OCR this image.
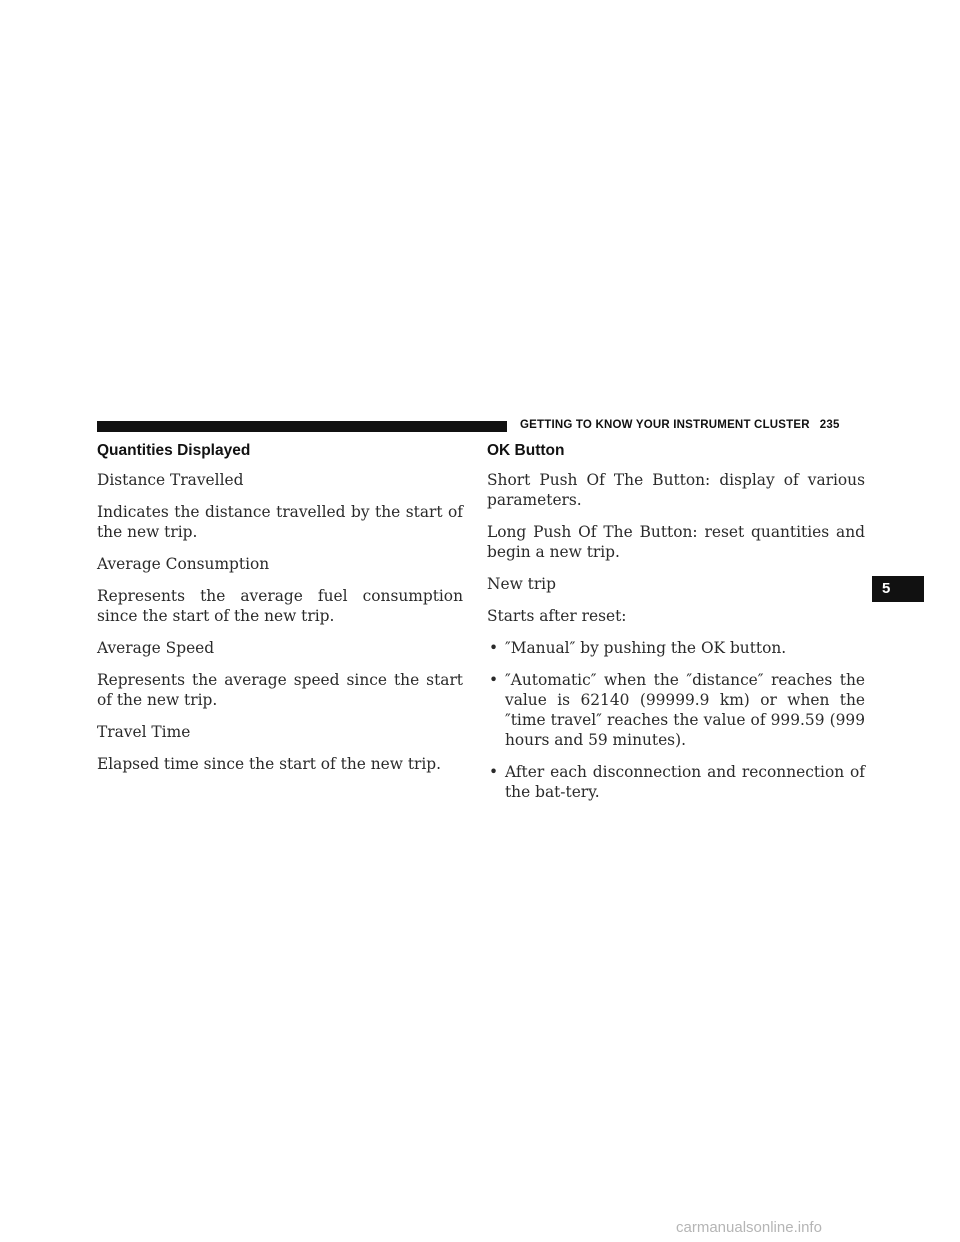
GETTING TO KNOW YOUR INSTRUMENT CLUSTER 235
5
Quantities Displayed

Distance Travelled

Indicates the distance travelled by the start of the new trip.

Average Consumption

Represents the average fuel consumption since the start of the new trip.

Average Speed

Represents the average speed since the start of the new trip.

Travel Time

Elapsed time since the start of the new trip.

OK Button

Short Push Of The Button: display of various parameters.

Long Push Of The Button: reset quantities and begin a new trip.

New trip

Starts after reset:

• ″Manual″ by pushing the OK button.
• ″Automatic″ when the ″distance″ reaches the value is 62140 (99999.9 km) or when the ″time travel″ reaches the value of 999.59 (999 hours and 59 minutes).
• After each disconnection and reconnection of the bat-tery.
carmanualsonline.info
